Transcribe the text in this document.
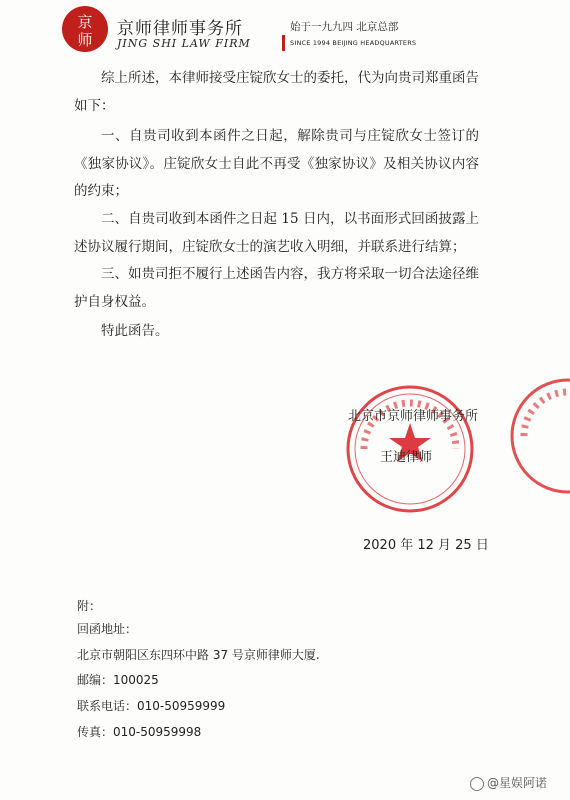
京
师
京师律师事务所
JING SHI LAW FIRM
始于一九九四 北京总部
SINCE 1994 BEIJING HEADQUARTERS

综上所述，本律师接受庄锭欣女士的委托，代为向贵司郑重函告如下：

一、自贵司收到本函件之日起，解除贵司与庄锭欣女士签订的《独家协议》。庄锭欣女士自此不再受《独家协议》及相关协议内容的约束；

二、自贵司收到本函件之日起 15 日内，以书面形式回函披露上述协议履行期间，庄锭欣女士的演艺收入明细，并联系进行结算；

三、如贵司拒不履行上述函告内容，我方将采取一切合法途径维护自身权益。

特此函告。

北京市京师律师事务所
王迪律师
2020 年 12 月 25 日
附：
回函地址：
北京市朝阳区东四环中路 37 号京师律师大厦.
邮编：100025
联系电话：010-50959999
传真：010-50959998
@星娱阿诺
